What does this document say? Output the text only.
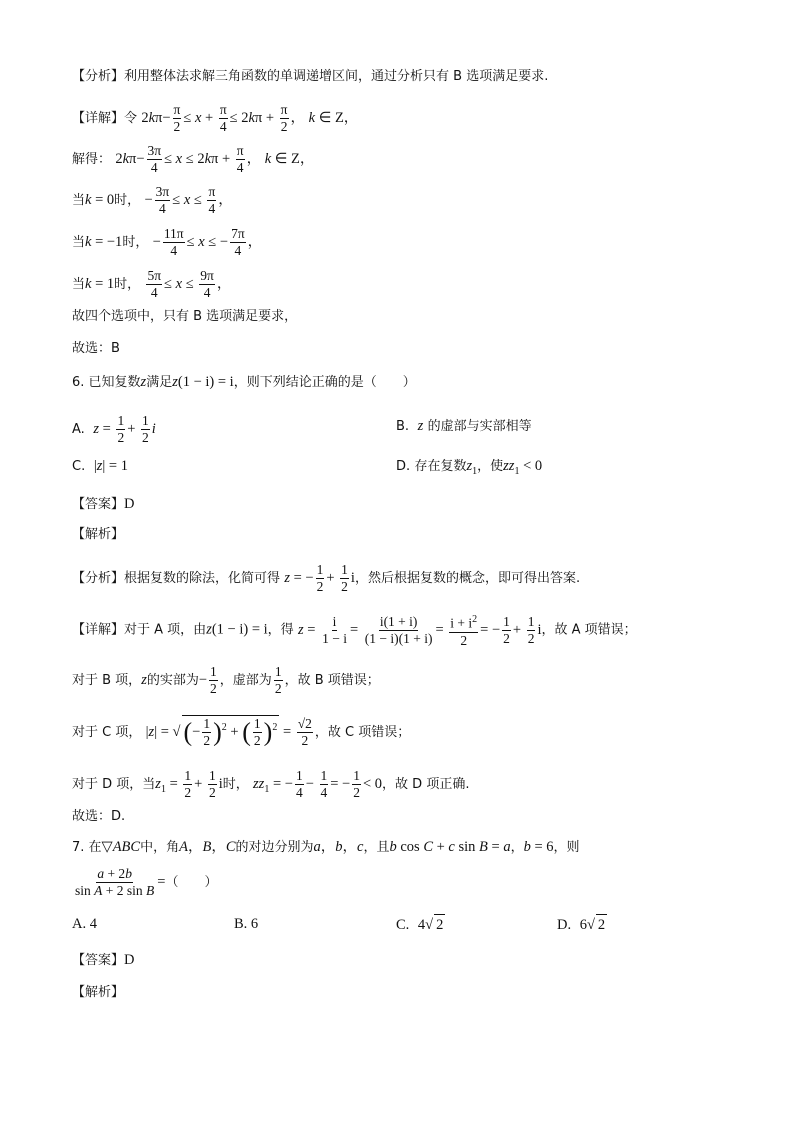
【分析】利用整体法求解三角函数的单调递增区间，通过分析只有 B 选项满足要求.
【详解】令 $2k\pi- \frac{\pi}{2} \le x + \frac{\pi}{4} \le 2k\pi + \frac{\pi}{2}$ ， k ∈ Z，
解得： $2k\pi- \frac{3\pi}{4} \le x \le 2k\pi + \frac{\pi}{4}$ ， k ∈ Z，
当k = 0时， − $\frac{3\pi}{4} \le x \le \frac{\pi}{4}$ ，
当k = −1时， − $\frac{11\pi}{4} \le x$ ≤ − $\frac{7\pi}{4}$ ，
当k = 1时， $\frac{5\pi}{4} \le x \le \frac{9\pi}{4}$ ，
故四个选项中，只有 B 选项满足要求，
故选：B
6. 已知复数z满足z(1 − i) = i，则下列结论正确的是（　　）
A. $z = \frac{1}{2} + \frac{1}{2}$ i	B. z 的虚部与实部相等
C. |z| = 1	D. 存在复数$z_1$，使$zz_1 < 0$
【答案】D
【解析】
【分析】根据复数的除法，化简可得 z = − $\frac{1}{2} + \frac{1}{2}$ i，然后根据复数的概念，即可得出答案.
【详解】对于 A 项，由z(1 − i) = i，得 $z = \frac{i}{1 - i} = \frac{i(1 + i)}{(1 - i)(1 + i)} = \frac{i + i^2}{2}$ = − $\frac{1}{2} + \frac{1}{2}$ i，故 A 项错误；
对于 B 项，z的实部为− $\frac{1}{2}$ ，虚部为 $\frac{1}{2}$ ，故 B 项错误；
对于 C 项， |z| = √ (− $\frac{1}{2} )^2$ + ( $\frac{1}{2} )^2 = \frac{√2}{2}$ ，故 C 项错误；
对于 D 项，当$z_1 = \frac{1}{2} + \frac{1}{2}$ i时， $zz_1$ = − $\frac{1}{4} - \frac{1}{4}$ = − $\frac{1}{2} < 0$，故 D 项正确.
故选：D.
7. 在▽ABC中，角A，B，C的对边分别为a，b，c，且b cos C + c sin B = a，b = 6，则
$\frac{a + 2b}{\text{sin A + 2 sin B}}$ =（　　）
A. 4	B. 6	C. 4√ 2	D. 6√ 2
【答案】D
【解析】
